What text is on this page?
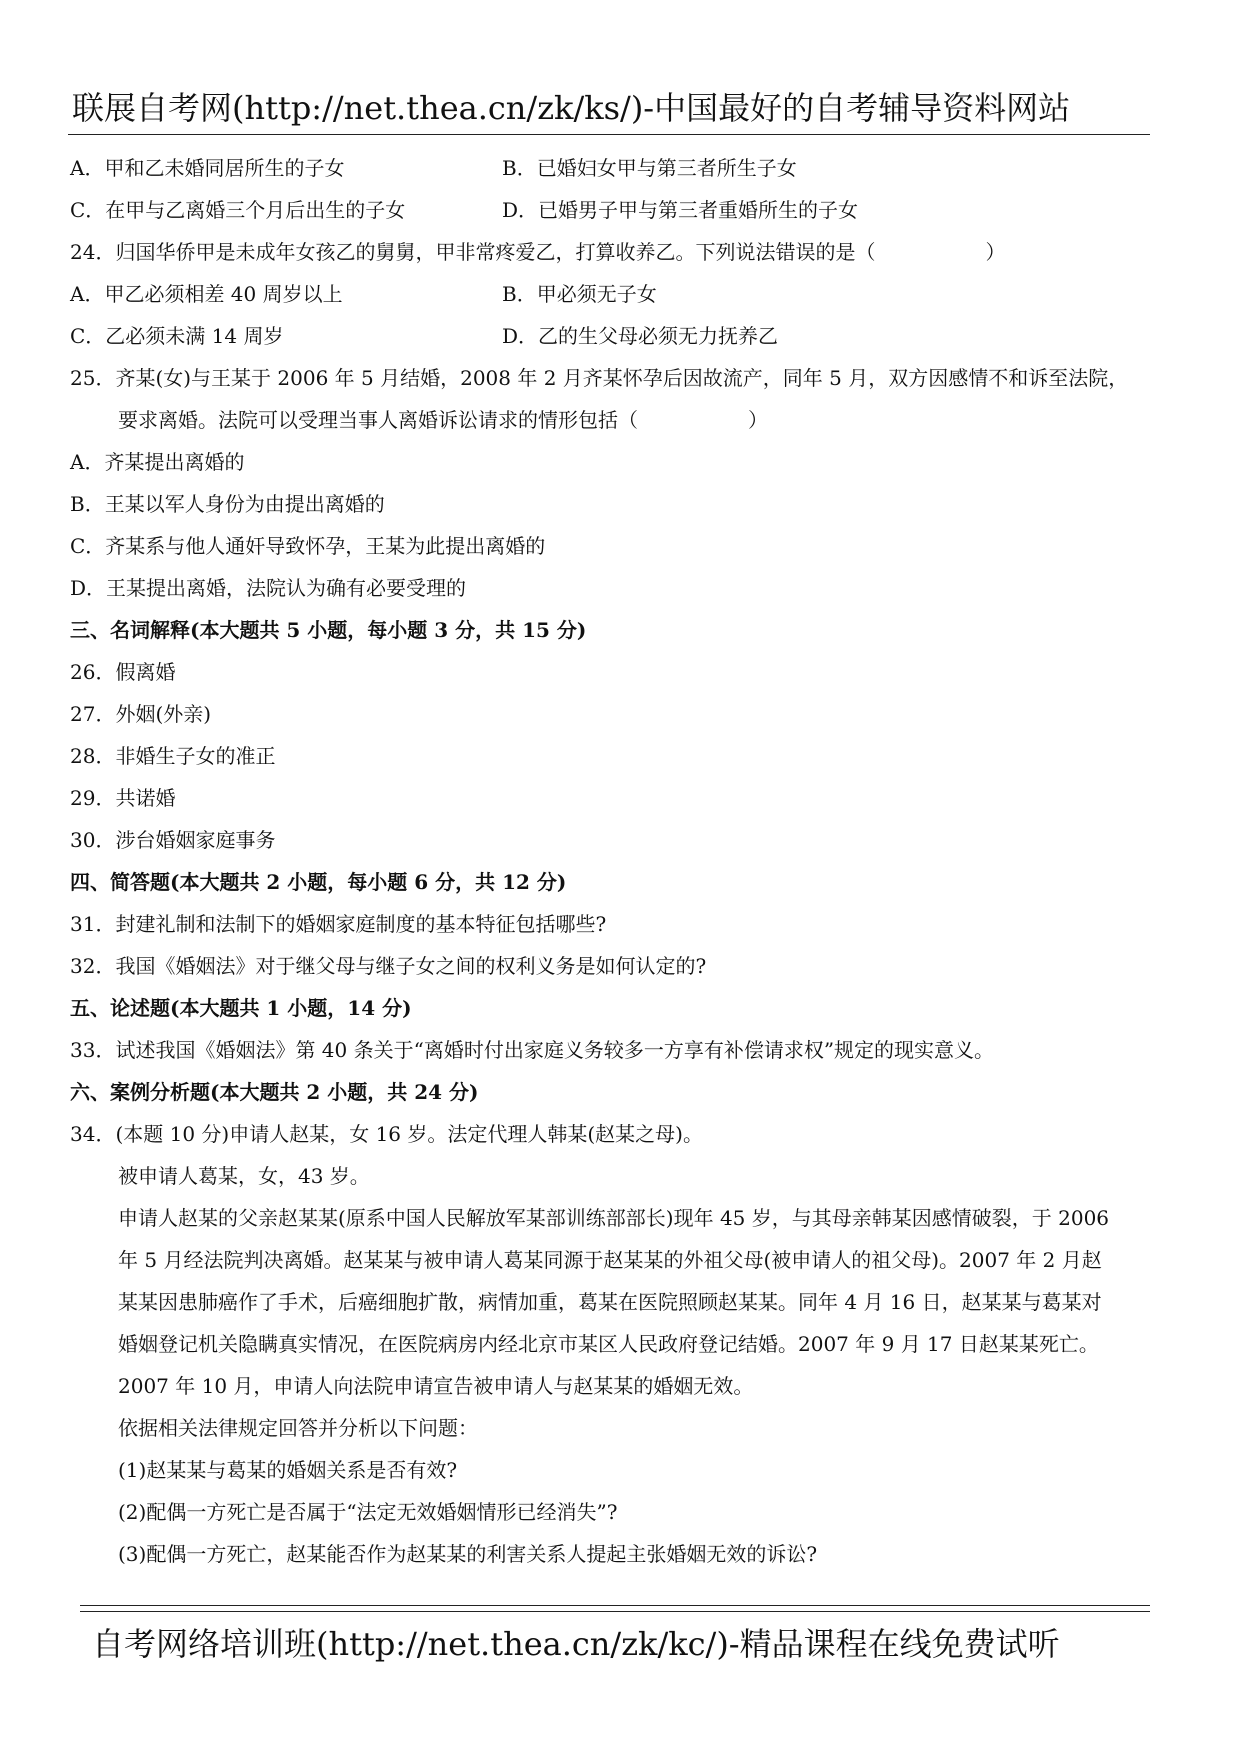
联展自考网(http://net.thea.cn/zk/ks/)-中国最好的自考辅导资料网站
A．甲和乙未婚同居所生的子女	B．已婚妇女甲与第三者所生子女
C．在甲与乙离婚三个月后出生的子女	D．已婚男子甲与第三者重婚所生的子女
24．归国华侨甲是未成年女孩乙的舅舅，甲非常疼爱乙，打算收养乙。下列说法错误的是（	）
A．甲乙必须相差 40 周岁以上	B．甲必须无子女
C．乙必须未满 14 周岁	D．乙的生父母必须无力抚养乙
25．齐某(女)与王某于 2006 年 5 月结婚，2008 年 2 月齐某怀孕后因故流产，同年 5 月，双方因感情不和诉至法院，
要求离婚。法院可以受理当事人离婚诉讼请求的情形包括（	）
A．齐某提出离婚的
B．王某以军人身份为由提出离婚的
C．齐某系与他人通奸导致怀孕，王某为此提出离婚的
D．王某提出离婚，法院认为确有必要受理的
三、名词解释(本大题共 5 小题，每小题 3 分，共 15 分)
26．假离婚
27．外姻(外亲)
28．非婚生子女的准正
29．共诺婚
30．涉台婚姻家庭事务
四、简答题(本大题共 2 小题，每小题 6 分，共 12 分)
31．封建礼制和法制下的婚姻家庭制度的基本特征包括哪些?
32．我国《婚姻法》对于继父母与继子女之间的权利义务是如何认定的?
五、论述题(本大题共 1 小题，14 分)
33．试述我国《婚姻法》第 40 条关于“离婚时付出家庭义务较多一方享有补偿请求权”规定的现实意义。
六、案例分析题(本大题共 2 小题，共 24 分)
34．(本题 10 分)申请人赵某，女 16 岁。法定代理人韩某(赵某之母)。
被申请人葛某，女，43 岁。
申请人赵某的父亲赵某某(原系中国人民解放军某部训练部部长)现年 45 岁，与其母亲韩某因感情破裂，于 2006
年 5 月经法院判决离婚。赵某某与被申请人葛某同源于赵某某的外祖父母(被申请人的祖父母)。2007 年 2 月赵
某某因患肺癌作了手术，后癌细胞扩散，病情加重，葛某在医院照顾赵某某。同年 4 月 16 日，赵某某与葛某对
婚姻登记机关隐瞒真实情况，在医院病房内经北京市某区人民政府登记结婚。2007 年 9 月 17 日赵某某死亡。
2007 年 10 月，申请人向法院申请宣告被申请人与赵某某的婚姻无效。
依据相关法律规定回答并分析以下问题：
(1)赵某某与葛某的婚姻关系是否有效?
(2)配偶一方死亡是否属于“法定无效婚姻情形已经消失”?
(3)配偶一方死亡，赵某能否作为赵某某的利害关系人提起主张婚姻无效的诉讼?
自考网络培训班(http://net.thea.cn/zk/kc/)-精品课程在线免费试听
